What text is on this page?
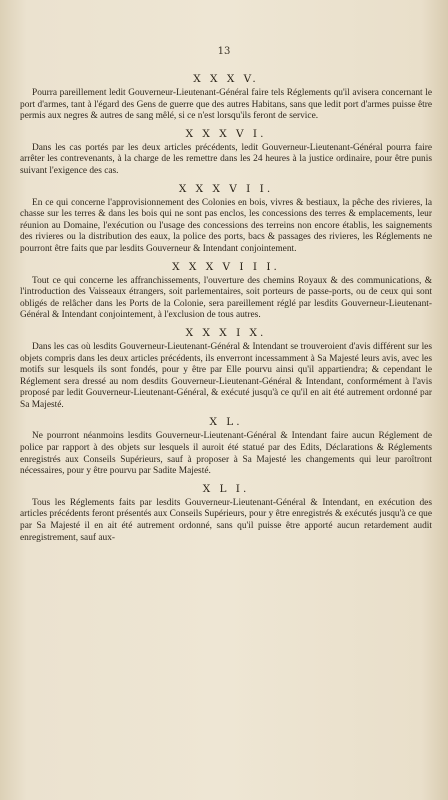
13
X X X V.

Pourra pareillement ledit Gouverneur-Lieutenant-Général faire tels Réglements qu'il avisera concernant le port d'armes, tant à l'égard des Gens de guerre que des autres Habitans, sans que ledit port d'armes puisse être permis aux negres & autres de sang mêlé, si ce n'est lorsqu'ils feront de service.

X X X V I.

Dans les cas portés par les deux articles précédents, ledit Gouverneur-Lieutenant-Général pourra faire arrêter les contrevenants, à la charge de les remettre dans les 24 heures à la justice ordinaire, pour être punis suivant l'exigence des cas.

X X X V I I.

En ce qui concerne l'approvisionnement des Colonies en bois, vivres & bestiaux, la pêche des rivieres, la chasse sur les terres & dans les bois qui ne sont pas enclos, les concessions des terres & emplacements, leur réunion au Domaine, l'exécution ou l'usage des concessions des terreins non encore établis, les saignements des rivieres ou la distribution des eaux, la police des ports, bacs & passages des rivieres, les Réglements ne pourront être faits que par lesdits Gouverneur & Intendant conjointement.

X X X V I I I.

Tout ce qui concerne les affranchissements, l'ouverture des chemins Royaux & des communications, & l'introduction des Vaisseaux étrangers, soit parlementaires, soit porteurs de passe-ports, ou de ceux qui sont obligés de relâcher dans les Ports de la Colonie, sera pareillement réglé par lesdits Gouverneur-Lieutenant-Général & Intendant conjointement, à l'exclusion de tous autres.

X X X I X.

Dans les cas où lesdits Gouverneur-Lieutenant-Général & Intendant se trouveroient d'avis différent sur les objets compris dans les deux articles précédents, ils enverront incessamment à Sa Majesté leurs avis, avec les motifs sur lesquels ils sont fondés, pour y être par Elle pourvu ainsi qu'il appartiendra; & cependant le Réglement sera dressé au nom desdits Gouverneur-Lieutenant-Général & Intendant, conformément à l'avis proposé par ledit Gouverneur-Lieutenant-Général, & exécuté jusqu'à ce qu'il en ait été autrement ordonné par Sa Majesté.

X L.

Ne pourront néanmoins lesdits Gouverneur-Lieutenant-Général & Intendant faire aucun Réglement de police par rapport à des objets sur lesquels il auroit été statué par des Edits, Déclarations & Réglements enregistrés aux Conseils Supérieurs, sauf à proposer à Sa Majesté les changements qui leur paroîtront nécessaires, pour y être pourvu par Sadite Majesté.

X L I.

Tous les Réglements faits par lesdits Gouverneur-Lieutenant-Général & Intendant, en exécution des articles précédents feront présentés aux Conseils Supérieurs, pour y être enregistrés & exécutés jusqu'à ce que par Sa Majesté il en ait été autrement ordonné, sans qu'il puisse être apporté aucun retardement audit enregistrement, sauf aux-
